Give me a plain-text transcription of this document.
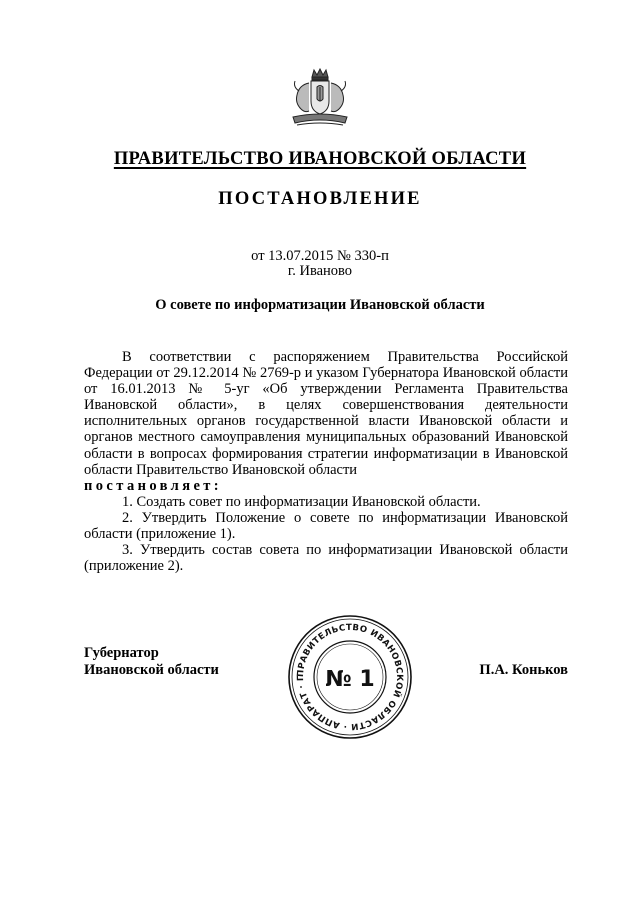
ПРАВИТЕЛЬСТВО ИВАНОВСКОЙ ОБЛАСТИ
ПОСТАНОВЛЕНИЕ
от 13.07.2015 № 330-п
г. Иваново
О совете по информатизации Ивановской области

В соответствии с распоряжением Правительства Российской Федерации от 29.12.2014 № 2769-р и указом Губернатора Ивановской области от 16.01.2013 № 5-уг «Об утверждении Регламента Правительства Ивановской области», в целях совершенствования деятельности исполнительных органов государственной власти Ивановской области и органов местного самоуправления муниципальных образований Ивановской области в вопросах формирования стратегии информатизации в Ивановской области Правительство Ивановской области

постановляет:

1. Создать совет по информатизации Ивановской области.

2. Утвердить Положение о совете по информатизации Ивановской области (приложение 1).

3. Утвердить состав совета по информатизации Ивановской области (приложение 2).

Губернатор
Ивановской области	П.А. Коньков
ПРАВИТЕЛЬСТВО ИВАНОВСКОЙ ОБЛАСТИ · АППАРАТ · Г № 1
